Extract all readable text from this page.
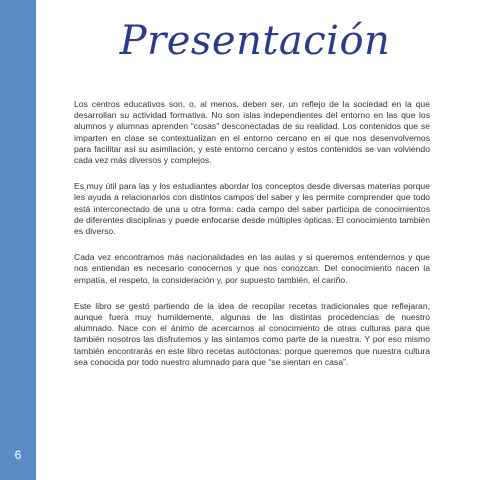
6
Presentación

Los centros educativos son, o, al menos, deben ser, un reflejo de la sociedad en la que desarrollan su actividad formativa. No son islas independientes del entorno en las que los alumnos y alumnas aprenden “cosas” desconectadas de su realidad. Los contenidos que se imparten en clase se contextualizan en el entorno cercano en el que nos desenvolvemos para facilitar así su asimilación, y este entorno cercano y estos contenidos se van volviendo cada vez más diversos y complejos.

Es muy útil para las y los estudiantes abordar los conceptos desde diversas materias porque les ayuda a relacionarlos con distintos campos del saber y les permite comprender que todo está interconectado de una u otra forma: cada campo del saber participa de conocimientos de diferentes disciplinas y puede enfocarse desde múltiples ópticas. El conocimiento también es diverso.

Cada vez encontramos más nacionalidades en las aulas y si queremos entendernos y que nos entiendan es necesario conocernos y que nos conozcan. Del conocimiento nacen la empatía, el respeto, la consideración y, por supuesto también, el cariño.

Este libro se gestó partiendo de la idea de recopilar recetas tradicionales que reflejaran, aunque fuera muy humildemente, algunas de las distintas procedencias de nuestro alumnado. Nace con el ánimo de acercarnos al conocimiento de otras culturas para que también nosotros las disfrutemos y las sintamos como parte de la nuestra. Y por eso mismo también encontrarás en este libro recetas autóctonas: porque queremos que nuestra cultura sea conocida por todo nuestro alumnado para que “se sientan en casa”.
